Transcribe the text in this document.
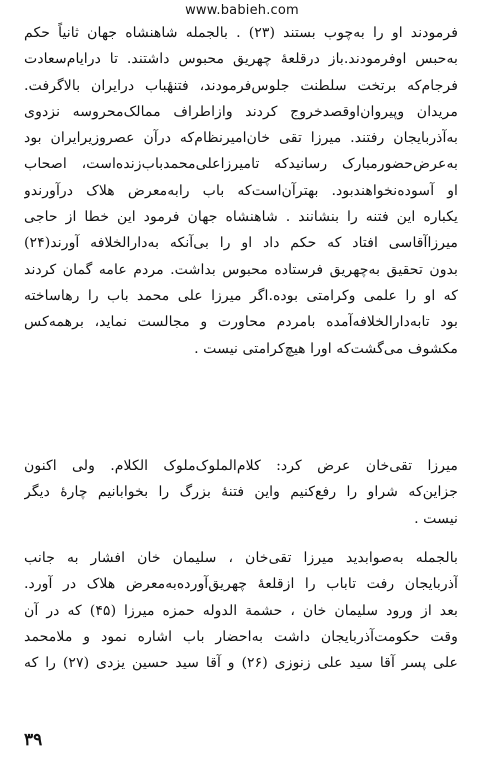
www.babieh.com
فرمودند او را به‌چوب بستند (۲۳) . بالجمله شاهنشاه جهان ثانیاً حکم
به‌حبس اوفرمودند.باز درقلعهٔ چهریق محبوس داشتند. تا درایام‌سعادت
فرجام‌که برتخت سلطنت جلوس‌فرمودند، فتنهٔباب درایران بالاگرفت.
مریدان وپیروان‌اوقصدخروج کردند وازاطراف ممالک‌محروسه نزدوی
به‌آذربایجان رفتند. میرزا تقی خان‌امیرنظام‌که درآن عصروزیرایران بود
به‌عرض‌حضورمبارک رسانیدکه تامیرزاعلی‌محمدباب‌زنده‌است، اصحاب
او آسوده‌نخواهندبود. بهترآن‌است‌که باب رابه‌معرض هلاک درآورندو
یکباره این فتنه را بنشانند . شاهنشاه جهان فرمود این خطا از حاجی
میرزاآقاسی افتاد که حکم داد او را بی‌آنکه به‌دارالخلافه آورند(۲۴)
بدون تحقیق به‌چهریق فرستاده محبوس بداشت. مردم عامه گمان کردند
که او را علمی وکرامتی بوده.اگر میرزا علی محمد باب را رهاساخته
بود تابه‌دارالخلافه‌آمده بامردم محاورت و مجالست نماید، برهمه‌کس
مکشوف می‌گشت‌که اورا هیچ‌کرامتی نیست .
میرزا تقی‌خان عرض کرد: کلام‌الملوک‌ملوک الکلام. ولی اکنون
جزاین‌که شراو را رفع‌کنیم واین فتنهٔ بزرگ را بخوابانیم چارهٔ دیگر
نیست .
بالجمله به‌صوابدید میرزا تقی‌خان ، سلیمان خان افشار به جانب
آذربایجان رفت تاباب را ازقلعهٔ چهریق‌آورده‌به‌معرض هلاک در آورد.
بعد از ورود سلیمان خان ، حشمة الدوله حمزه میرزا (۴۵) که در آن
وقت حکومت‌آذربایجان داشت به‌احضار باب اشاره نمود و ملامحمد
علی پسر آقا سید علی زنوزی (۲۶) و آقا سید حسین یزدی (۲۷) را که
۳۹
